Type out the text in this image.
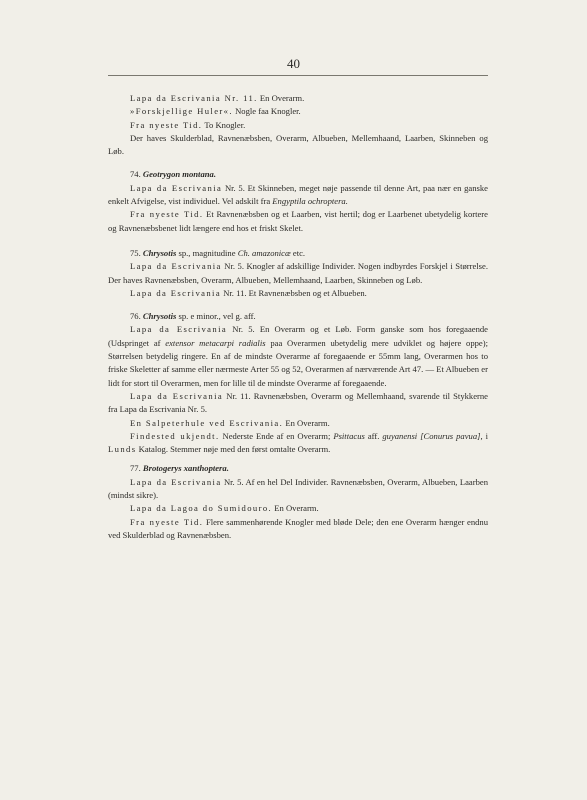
40

Lapa da Escrivania Nr. 11. En Overarm.

»Forskjellige Huler«. Nogle faa Knogler.

Fra nyeste Tid. To Knogler.

Der haves Skulderblad, Ravnenæbsben, Overarm, Albueben, Mellemhaand, Laarben, Skinneben og Løb.

74. Geotrygon montana.

Lapa da Escrivania Nr. 5. Et Skinneben, meget nøje passende til denne Art, paa nær en ganske enkelt Afvigelse, vist individuel. Vel adskilt fra Engyptila ochroptera.

Fra nyeste Tid. Et Ravnenæbsben og et Laarben, vist hertil; dog er Laarbenet ubetydelig kortere og Ravnenæbsbenet lidt længere end hos et friskt Skelet.

75. Chrysotis sp., magnitudine Ch. amazonicæ etc.

Lapa da Escrivania Nr. 5. Knogler af adskillige Individer. Nogen indbyrdes Forskjel i Størrelse. Der haves Ravnenæbsben, Overarm, Albueben, Mellemhaand, Laarben, Skinneben og Løb.

Lapa da Escrivania Nr. 11. Et Ravnenæbsben og et Albueben.

76. Chrysotis sp. e minor., vel g. aff.

Lapa da Escrivania Nr. 5. En Overarm og et Løb. Form ganske som hos foregaaende (Udspringet af extensor metacarpi radialis paa Overarmen ubetydelig mere udviklet og højere oppe); Størrelsen betydelig ringere. En af de mindste Overarme af foregaaende er 55mm lang, Overarmen hos to friske Skeletter af samme eller nærmeste Arter 55 og 52, Overarmen af nærværende Art 47. — Et Albueben er lidt for stort til Overarmen, men for lille til de mindste Overarme af foregaaende.

Lapa da Escrivania Nr. 11. Ravnenæbsben, Overarm og Mellemhaand, svarende til Stykkerne fra Lapa da Escrivania Nr. 5.

En Salpeterhule ved Escrivania. En Overarm.

Findested ukjendt. Nederste Ende af en Overarm; Psittacus aff. guyanensi [Conurus pavua], i Lunds Katalog. Stemmer nøje med den først omtalte Overarm.

77. Brotogerys xanthoptera.

Lapa da Escrivania Nr. 5. Af en hel Del Individer. Ravnenæbsben, Overarm, Albueben, Laarben (mindst sikre).

Lapa da Lagoa do Sumidouro. En Overarm.

Fra nyeste Tid. Flere sammenhørende Knogler med bløde Dele; den ene Overarm hænger endnu ved Skulderblad og Ravnenæbsben.
